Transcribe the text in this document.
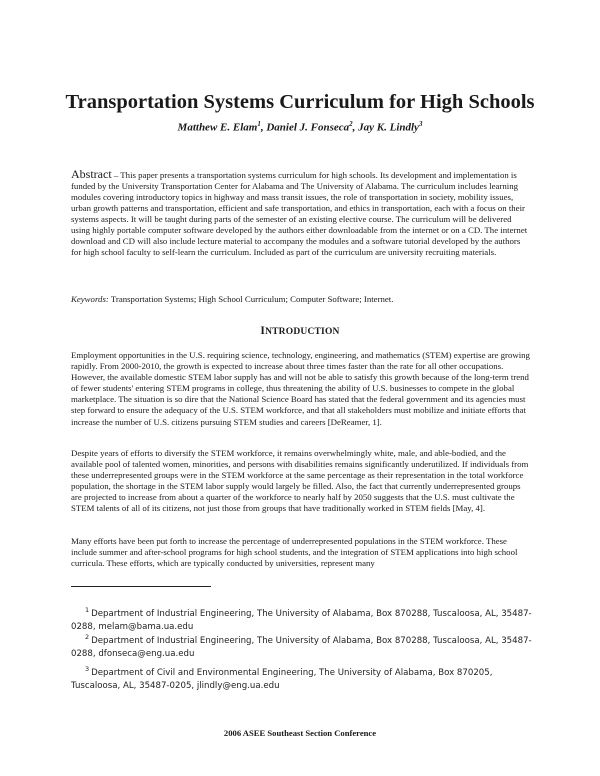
Transportation Systems Curriculum for High Schools
Matthew E. Elam$^1$, Daniel J. Fonseca$^2$, Jay K. Lindly$^3$

Abstract – This paper presents a transportation systems curriculum for high schools. Its development and implementation is funded by the University Transportation Center for Alabama and The University of Alabama. The curriculum includes learning modules covering introductory topics in highway and mass transit issues, the role of transportation in society, mobility issues, urban growth patterns and transportation, efficient and safe transportation, and ethics in transportation, each with a focus on their systems aspects. It will be taught during parts of the semester of an existing elective course. The curriculum will be delivered using highly portable computer software developed by the authors either downloadable from the internet or on a CD. The internet download and CD will also include lecture material to accompany the modules and a software tutorial developed by the authors for high school faculty to self-learn the curriculum. Included as part of the curriculum are university recruiting materials.

Keywords: Transportation Systems; High School Curriculum; Computer Software; Internet.

INTRODUCTION

Employment opportunities in the U.S. requiring science, technology, engineering, and mathematics (STEM) expertise are growing rapidly. From 2000-2010, the growth is expected to increase about three times faster than the rate for all other occupations. However, the available domestic STEM labor supply has and will not be able to satisfy this growth because of the long-term trend of fewer students' entering STEM programs in college, thus threatening the ability of U.S. businesses to compete in the global marketplace. The situation is so dire that the National Science Board has stated that the federal government and its agencies must step forward to ensure the adequacy of the U.S. STEM workforce, and that all stakeholders must mobilize and initiate efforts that increase the number of U.S. citizens pursuing STEM studies and careers [DeReamer, 1].

Despite years of efforts to diversify the STEM workforce, it remains overwhelmingly white, male, and able-bodied, and the available pool of talented women, minorities, and persons with disabilities remains significantly underutilized. If individuals from these underrepresented groups were in the STEM workforce at the same percentage as their representation in the total workforce population, the shortage in the STEM labor supply would largely be filled. Also, the fact that currently underrepresented groups are projected to increase from about a quarter of the workforce to nearly half by 2050 suggests that the U.S. must cultivate the STEM talents of all of its citizens, not just those from groups that have traditionally worked in STEM fields [May, 4].

Many efforts have been put forth to increase the percentage of underrepresented populations in the STEM workforce. These include summer and after-school programs for high school students, and the integration of STEM applications into high school curricula. These efforts, which are typically conducted by universities, represent many

$^1$ Department of Industrial Engineering, The University of Alabama, Box 870288, Tuscaloosa, AL, 35487-0288, melam@bama.ua.edu

$^2$ Department of Industrial Engineering, The University of Alabama, Box 870288, Tuscaloosa, AL, 35487-0288, dfonseca@eng.ua.edu

$^3$ Department of Civil and Environmental Engineering, The University of Alabama, Box 870205, Tuscaloosa, AL, 35487-0205, jlindly@eng.ua.edu

2006 ASEE Southeast Section Conference
